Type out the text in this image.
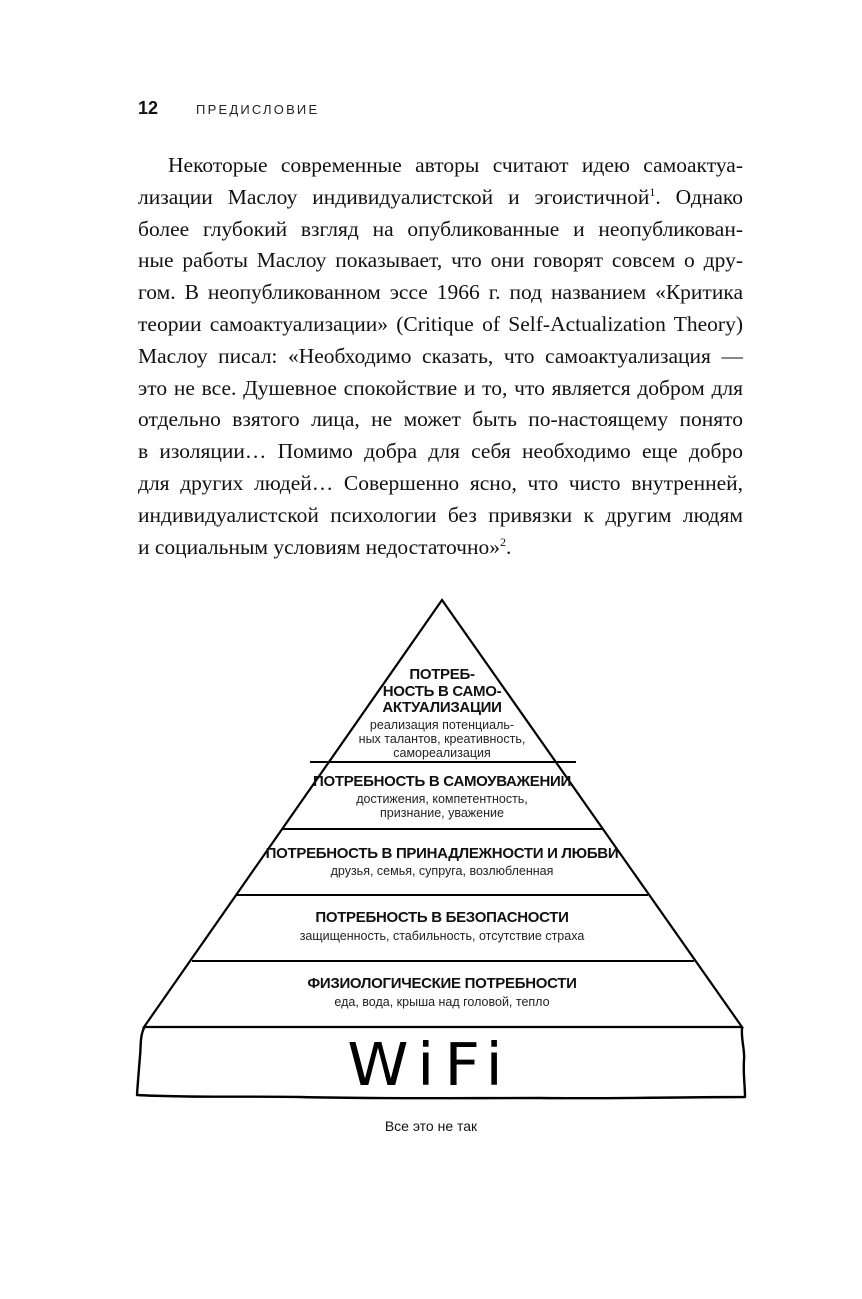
12	ПРЕДИСЛОВИЕ
Некоторые современные авторы считают идею самоактуа-
лизации Маслоу индивидуалистской и эгоистичной$^1$. Однако
более глубокий взгляд на опубликованные и неопубликован-
ные работы Маслоу показывает, что они говорят совсем о дру-
гом. В неопубликованном эссе 1966 г. под названием «Критика
теории самоактуализации» (Critique of Self-Actualization Theory)
Маслоу писал: «Необходимо сказать, что самоактуализация —
это не все. Душевное спокойствие и то, что является добром для
отдельно взятого лица, не может быть по-настоящему понято
в изоляции… Помимо добра для себя необходимо еще добро
для других людей… Совершенно ясно, что чисто внутренней,
индивидуалистской психологии без привязки к другим людям
и социальным условиям недостаточно»$^2$.
ПОТРЕБ-
НОСТЬ В САМО-
АКТУАЛИЗАЦИИ
реализация потенциаль-
ных талантов, креативность,
самореализация
ПОТРЕБНОСТЬ В САМОУВАЖЕНИИ
достижения, компетентность,
признание, уважение
ПОТРЕБНОСТЬ В ПРИНАДЛЕЖНОСТИ И ЛЮБВИ
друзья, семья, супруга, возлюбленная
ПОТРЕБНОСТЬ В БЕЗОПАСНОСТИ
защищенность, стабильность, отсутствие страха
ФИЗИОЛОГИЧЕСКИЕ ПОТРЕБНОСТИ
еда, вода, крыша над головой, тепло
WiFi
Все это не так
